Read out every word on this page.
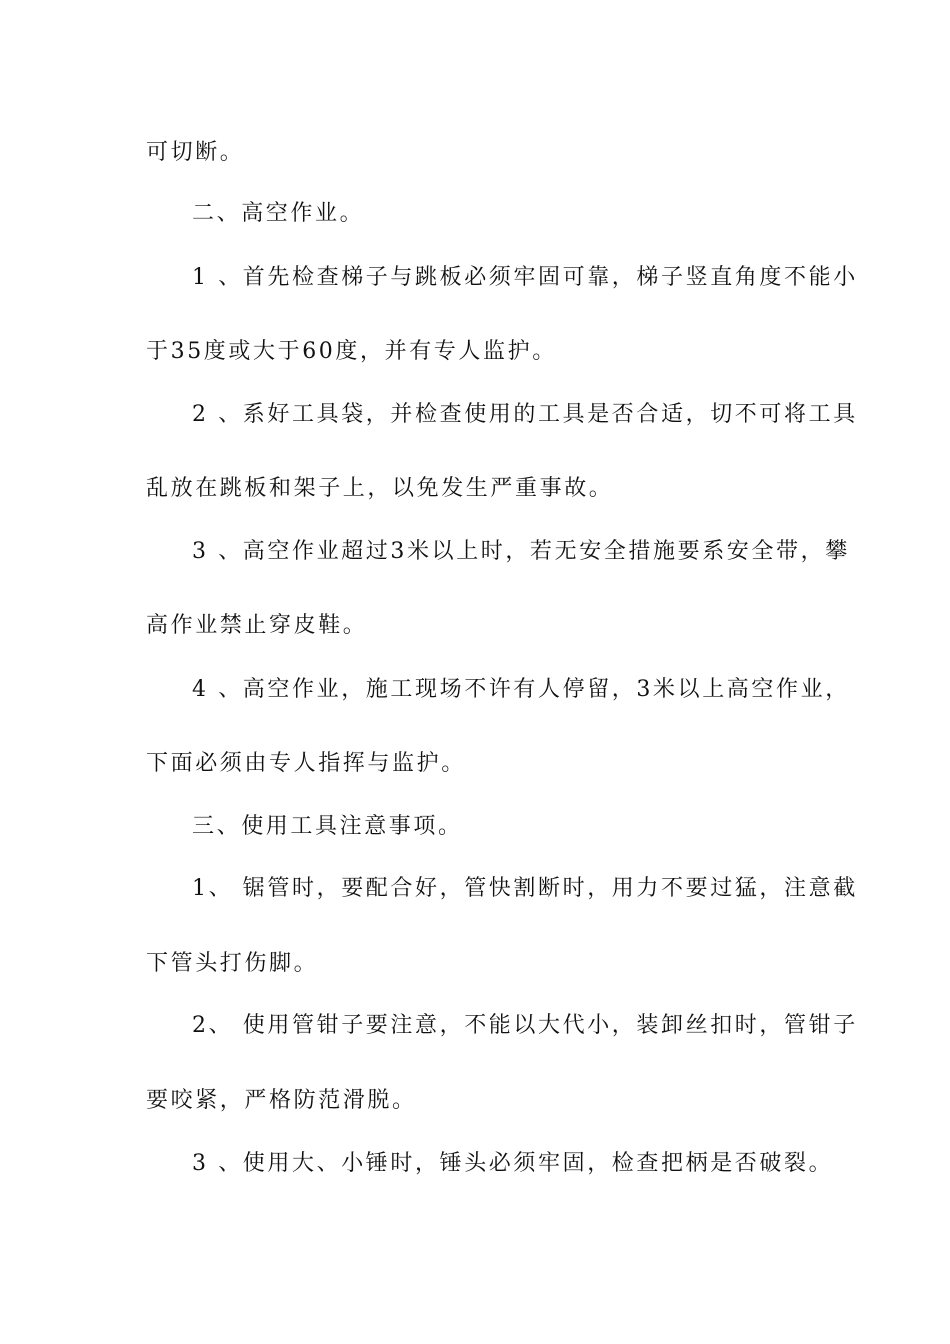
可切断。
二、高空作业。
1 、首先检查梯子与跳板必须牢固可靠，梯子竖直角度不能小
于35度或大于60度，并有专人监护。
2 、系好工具袋，并检查使用的工具是否合适，切不可将工具
乱放在跳板和架子上，以免发生严重事故。
3 、高空作业超过3米以上时，若无安全措施要系安全带，攀
高作业禁止穿皮鞋。
4 、高空作业，施工现场不许有人停留，3米以上高空作业，
下面必须由专人指挥与监护。
三、使用工具注意事项。
1、 锯管时，要配合好，管快割断时，用力不要过猛，注意截
下管头打伤脚。
2、 使用管钳子要注意，不能以大代小，装卸丝扣时，管钳子
要咬紧，严格防范滑脱。
3 、使用大、小锤时，锤头必须牢固，检查把柄是否破裂。
